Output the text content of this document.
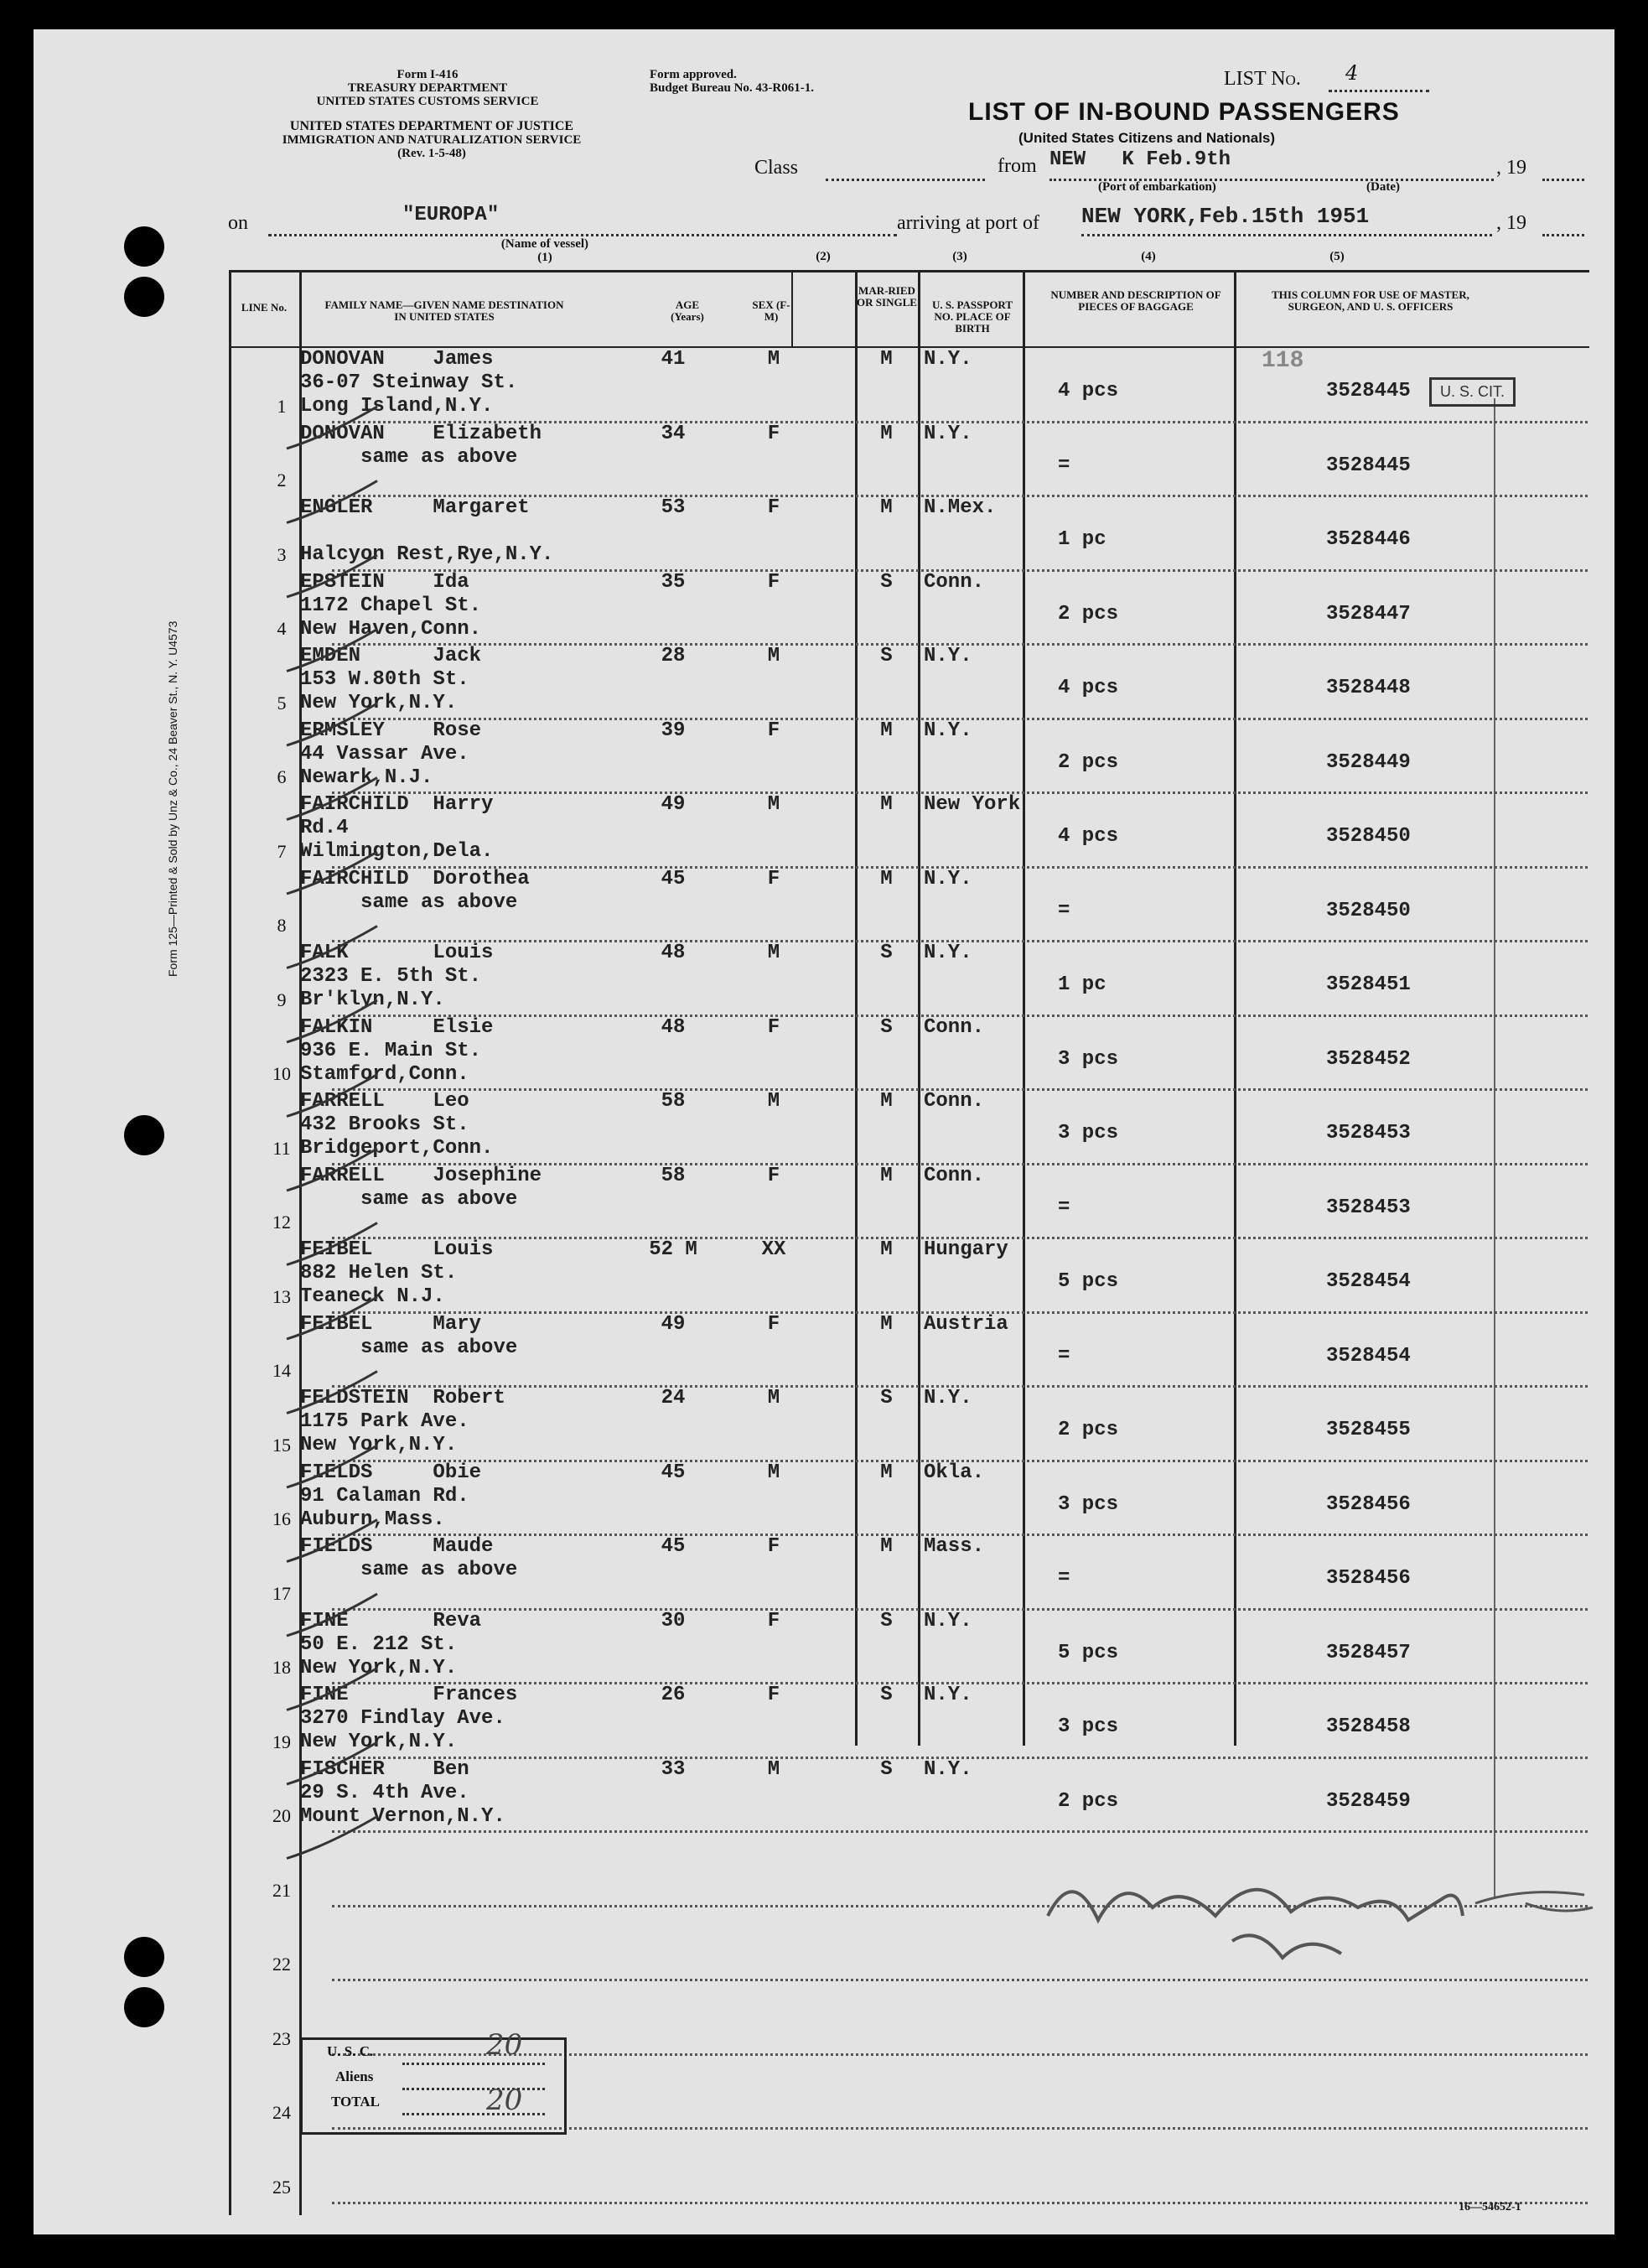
Form 125—Printed & Sold by Unz & Co., 24 Beaver St., N. Y. U4573
Form I-416
TREASURY DEPARTMENT
UNITED STATES CUSTOMS SERVICE
UNITED STATES DEPARTMENT OF JUSTICE
IMMIGRATION AND NATURALIZATION SERVICE
(Rev. 1-5-48)
Form approved.
Budget Bureau No. 43-R061-1.	LIST No. 4
LIST OF IN-BOUND PASSENGERS
(United States Citizens and Nationals)
Class	from NEW   K Feb.9th
(Port of embarkation)	(Date)
, 19
on	"EUROPA"
(Name of vessel)
(1)
arriving at port of NEW YORK,Feb.15th 1951	, 19
(2)	(3)	(4)	(5)
LINE No.	FAMILY NAME—GIVEN NAME DESTINATION IN UNITED STATES
AGE (Years)
SEX (F-M)
MAR-RIED OR SINGLE	U. S. PASSPORT NO. PLACE OF BIRTH
NUMBER AND DESCRIPTION OF PIECES OF BAGGAGE
THIS COLUMN FOR USE OF MASTER, SURGEON, AND U. S. OFFICERS
1
DONOVAN    James
36-07 Steinway St.
Long Island,N.Y.
41	M	M	N.Y.
4 pcs	3528445
2
DONOVAN    Elizabeth
same as above
34	F	M	N.Y.
=	3528445
3
ENGLER     Margaret
Halcyon Rest,Rye,N.Y.
53	F	M	N.Mex.
1 pc	3528446
4
EPSTEIN    Ida
1172 Chapel St.
New Haven,Conn.
35	F	S	Conn.
2 pcs	3528447
5
EMDEN      Jack
153 W.80th St.
New York,N.Y.
28	M	S	N.Y.
4 pcs	3528448
6
ERMSLEY    Rose
44 Vassar Ave.
Newark,N.J.
39	F	M	N.Y.
2 pcs	3528449
7
FAIRCHILD  Harry
Rd.4
Wilmington,Dela.
49	M	M	New York
4 pcs	3528450
8
FAIRCHILD  Dorothea
same as above
45	F	M	N.Y.
=	3528450
9
FALK       Louis
2323 E. 5th St.
Br'klyn,N.Y.
48	M	S	N.Y.
1 pc	3528451
10
FALKIN     Elsie
936 E. Main St.
Stamford,Conn.
48	F	S	Conn.
3 pcs	3528452
11
FARRELL    Leo
432 Brooks St.
Bridgeport,Conn.
58	M	M	Conn.
3 pcs	3528453
12
FARRELL    Josephine
same as above
58	F	M	Conn.
=	3528453
13
FEIBEL     Louis
882 Helen St.
Teaneck N.J.
52 M	XX	M	Hungary
5 pcs	3528454
14
FEIBEL     Mary
same as above
49	F	M	Austria
=	3528454
15
FELDSTEIN  Robert
1175 Park Ave.
New York,N.Y.
24	M	S	N.Y.
2 pcs	3528455
16
FIELDS     Obie
91 Calaman Rd.
Auburn,Mass.
45	M	M	Okla.
3 pcs	3528456
17
FIELDS     Maude
same as above
45	F	M	Mass.
=	3528456
18
FINE       Reva
50 E. 212 St.
New York,N.Y.
30	F	S	N.Y.
5 pcs	3528457
19
FINE       Frances
3270 Findlay Ave.
New York,N.Y.
26	F	S	N.Y.
3 pcs	3528458
20
FISCHER    Ben
29 S. 4th Ave.
Mount Vernon,N.Y.
33	M	S	N.Y.
2 pcs	3528459
21
22
23
24
25
U. S. CIT.
118
U. S. C.	20
Aliens
TOTAL	20
16—54652-1
